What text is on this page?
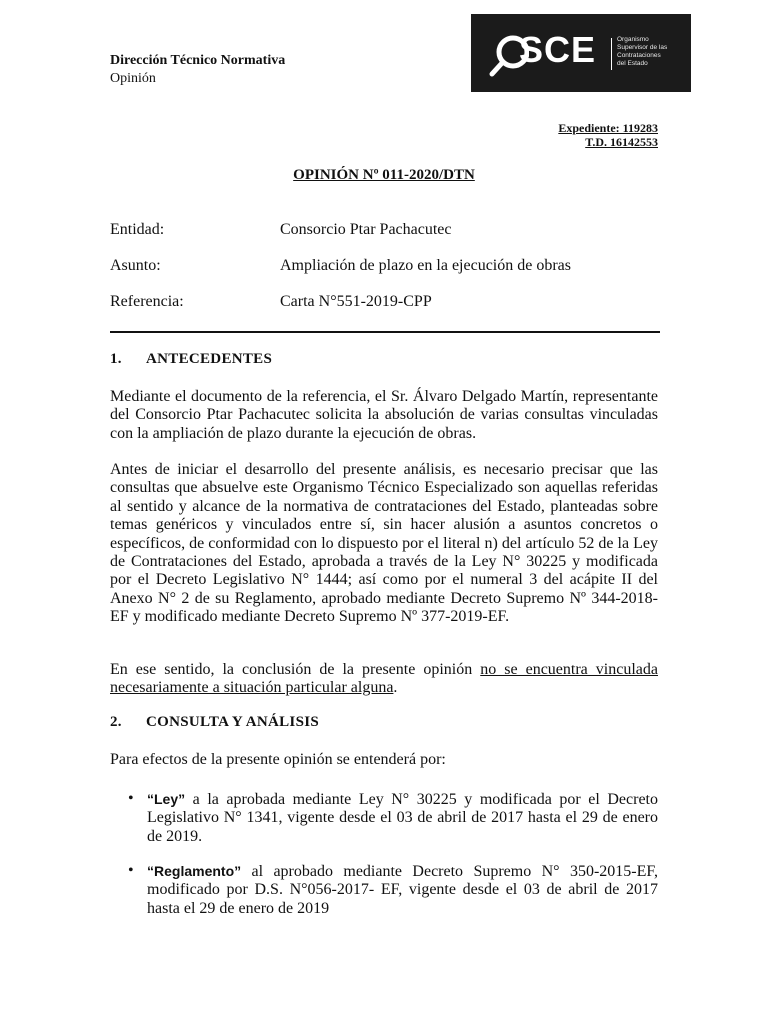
Dirección Técnico Normativa
Opinión
SCE	Organismo
Supervisor de las
Contrataciones
del Estado
Expediente: 119283
T.D. 16142553
OPINIÓN Nº 011-2020/DTN
Entidad:	Consorcio Ptar Pachacutec
Asunto:	Ampliación de plazo en la ejecución de obras
Referencia:	Carta N°551-2019-CPP
1. ANTECEDENTES
Mediante el documento de la referencia, el Sr. Álvaro Delgado Martín, representante del Consorcio Ptar Pachacutec solicita la absolución de varias consultas vinculadas con la ampliación de plazo durante la ejecución de obras.
Antes de iniciar el desarrollo del presente análisis, es necesario precisar que las consultas que absuelve este Organismo Técnico Especializado son aquellas referidas al sentido y alcance de la normativa de contrataciones del Estado, planteadas sobre temas genéricos y vinculados entre sí, sin hacer alusión a asuntos concretos o específicos, de conformidad con lo dispuesto por el literal n) del artículo 52 de la Ley de Contrataciones del Estado, aprobada a través de la Ley N° 30225 y modificada por el Decreto Legislativo N° 1444; así como por el numeral 3 del acápite II del Anexo N° 2 de su Reglamento, aprobado mediante Decreto Supremo Nº 344-2018-EF y modificado mediante Decreto Supremo Nº 377-2019-EF.
En ese sentido, la conclusión de la presente opinión no se encuentra vinculada necesariamente a situación particular alguna.
2. CONSULTA Y ANÁLISIS
Para efectos de la presente opinión se entenderá por:
• “Ley” a la aprobada mediante Ley N° 30225 y modificada por el Decreto Legislativo N° 1341, vigente desde el 03 de abril de 2017 hasta el 29 de enero de 2019.
• “Reglamento” al aprobado mediante Decreto Supremo N° 350-2015-EF, modificado por D.S. N°056-2017- EF, vigente desde el 03 de abril de 2017 hasta el 29 de enero de 2019
